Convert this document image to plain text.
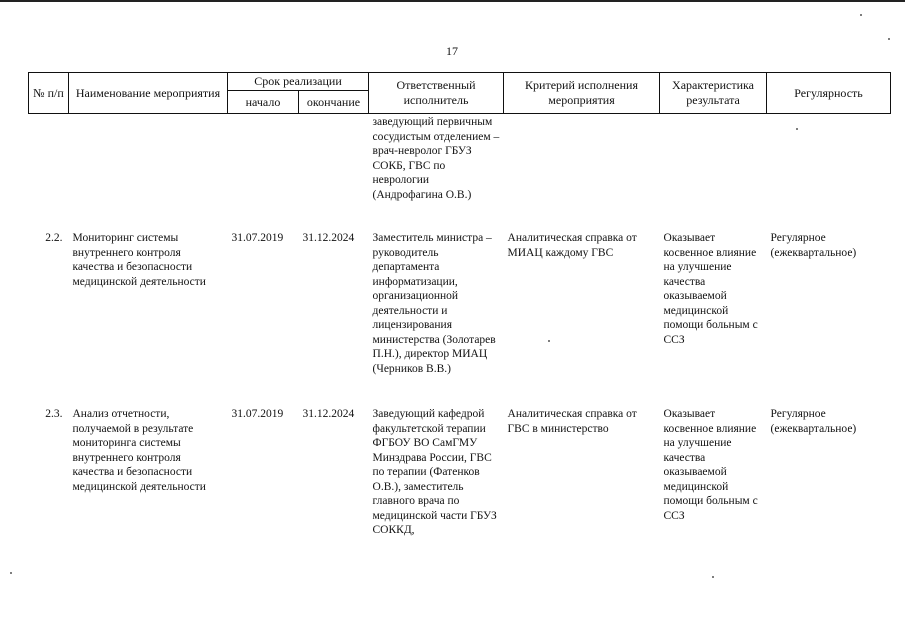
17
№ п/п	Наименование мероприятия	Срок реализации		Ответственный исполнитель	Критерий исполнения мероприятия	Характеристика результата	Регулярность
		начало	окончание				
				заведующий первичным сосудистым отделением – врач-невролог ГБУЗ СОКБ, ГВС по неврологии (Андрофагина О.В.)			
2.2.	Мониторинг системы внутреннего контроля качества и безопасности медицинской деятельности	31.07.2019	31.12.2024	Заместитель министра – руководитель департамента информатизации, организационной деятельности и лицензирования министерства (Золотарев П.Н.), директор МИАЦ (Черников В.В.)	Аналитическая справка от МИАЦ каждому ГВС	Оказывает косвенное влияние на улучшение качества оказываемой медицинской помощи больным с ССЗ	Регулярное (ежеквартальное)
2.3.	Анализ отчетности, получаемой в результате мониторинга системы внутреннего контроля качества и безопасности медицинской деятельности	31.07.2019	31.12.2024	Заведующий кафедрой факультетской терапии ФГБОУ ВО СамГМУ Минздрава России, ГВС по терапии (Фатенков О.В.), заместитель главного врача по медицинской части ГБУЗ СОККД,	Аналитическая справка от ГВС в министерство	Оказывает косвенное влияние на улучшение качества оказываемой медицинской помощи больным с ССЗ	Регулярное (ежеквартальное)
